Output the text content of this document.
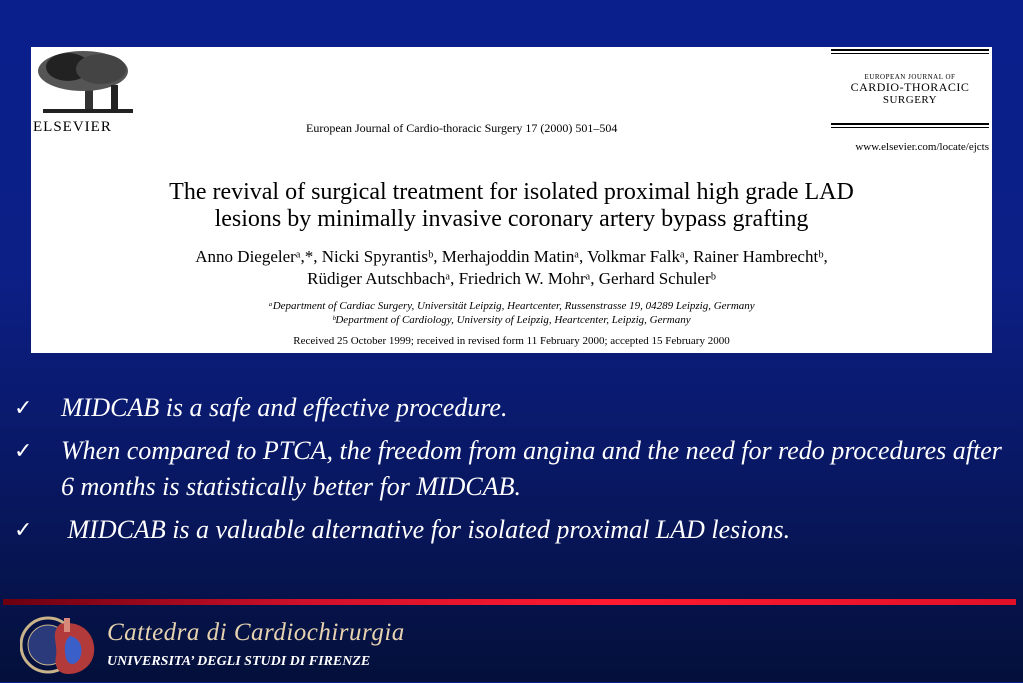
ELSEVIER	European Journal of Cardio-thoracic Surgery 17 (2000) 501–504
EUROPEAN JOURNAL OF
CARDIO-THORACIC
SURGERY
www.elsevier.com/locate/ejcts
The revival of surgical treatment for isolated proximal high grade LAD
lesions by minimally invasive coronary artery bypass grafting
Anno Diegelerᵃ,*, Nicki Spyrantisᵇ, Merhajoddin Matinᵃ, Volkmar Falkᵃ, Rainer Hambrechtᵇ,
Rüdiger Autschbachᵃ, Friedrich W. Mohrᵃ, Gerhard Schulerᵇ
ᵃDepartment of Cardiac Surgery, Universität Leipzig, Heartcenter, Russenstrasse 19, 04289 Leipzig, Germany
ᵇDepartment of Cardiology, University of Leipzig, Heartcenter, Leipzig, Germany
Received 25 October 1999; received in revised form 11 February 2000; accepted 15 February 2000
✓ MIDCAB is a safe and effective procedure.
✓ When compared to PTCA, the freedom from angina and the need for redo procedures after 6 months is statistically better for MIDCAB.
✓ MIDCAB is a valuable alternative for isolated proximal LAD lesions.
Cattedra di Cardiochirurgia
UNIVERSITA’ DEGLI STUDI DI FIRENZE
